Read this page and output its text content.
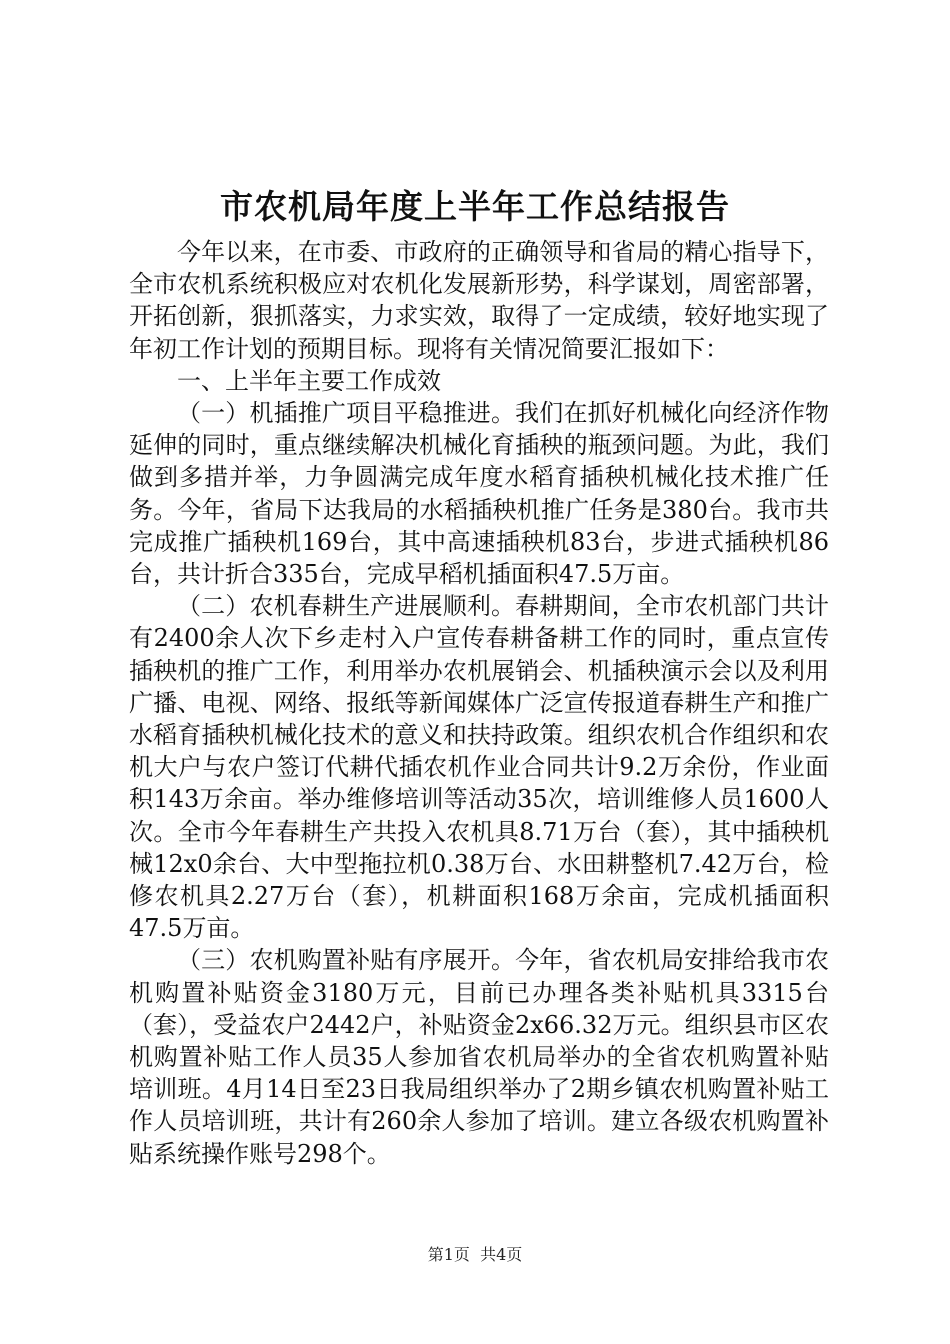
市农机局年度上半年工作总结报告

今年以来，在市委、市政府的正确领导和省局的精心指导下，全市农机系统积极应对农机化发展新形势，科学谋划，周密部署，开拓创新，狠抓落实，力求实效，取得了一定成绩，较好地实现了年初工作计划的预期目标。现将有关情况简要汇报如下：

一、上半年主要工作成效

（一）机插推广项目平稳推进。我们在抓好机械化向经济作物延伸的同时，重点继续解决机械化育插秧的瓶颈问题。为此，我们做到多措并举，力争圆满完成年度水稻育插秧机械化技术推广任务。今年，省局下达我局的水稻插秧机推广任务是380台。我市共完成推广插秧机169台，其中高速插秧机83台，步进式插秧机86台，共计折合335台，完成早稻机插面积47.5万亩。

（二）农机春耕生产进展顺利。春耕期间，全市农机部门共计有2400余人次下乡走村入户宣传春耕备耕工作的同时，重点宣传插秧机的推广工作，利用举办农机展销会、机插秧演示会以及利用广播、电视、网络、报纸等新闻媒体广泛宣传报道春耕生产和推广水稻育插秧机械化技术的意义和扶持政策。组织农机合作组织和农机大户与农户签订代耕代插农机作业合同共计9.2万余份，作业面积143万余亩。举办维修培训等活动35次，培训维修人员1600人次。全市今年春耕生产共投入农机具8.71万台（套），其中插秧机械12x0余台、大中型拖拉机0.38万台、水田耕整机7.42万台，检修农机具2.27万台（套），机耕面积168万余亩，完成机插面积47.5万亩。

（三）农机购置补贴有序展开。今年，省农机局安排给我市农机购置补贴资金3180万元，目前已办理各类补贴机具3315台（套），受益农户2442户，补贴资金2x66.32万元。组织县市区农机购置补贴工作人员35人参加省农机局举办的全省农机购置补贴培训班。4月14日至23日我局组织举办了2期乡镇农机购置补贴工作人员培训班，共计有260余人参加了培训。建立各级农机购置补贴系统操作账号298个。

第1页  共4页
